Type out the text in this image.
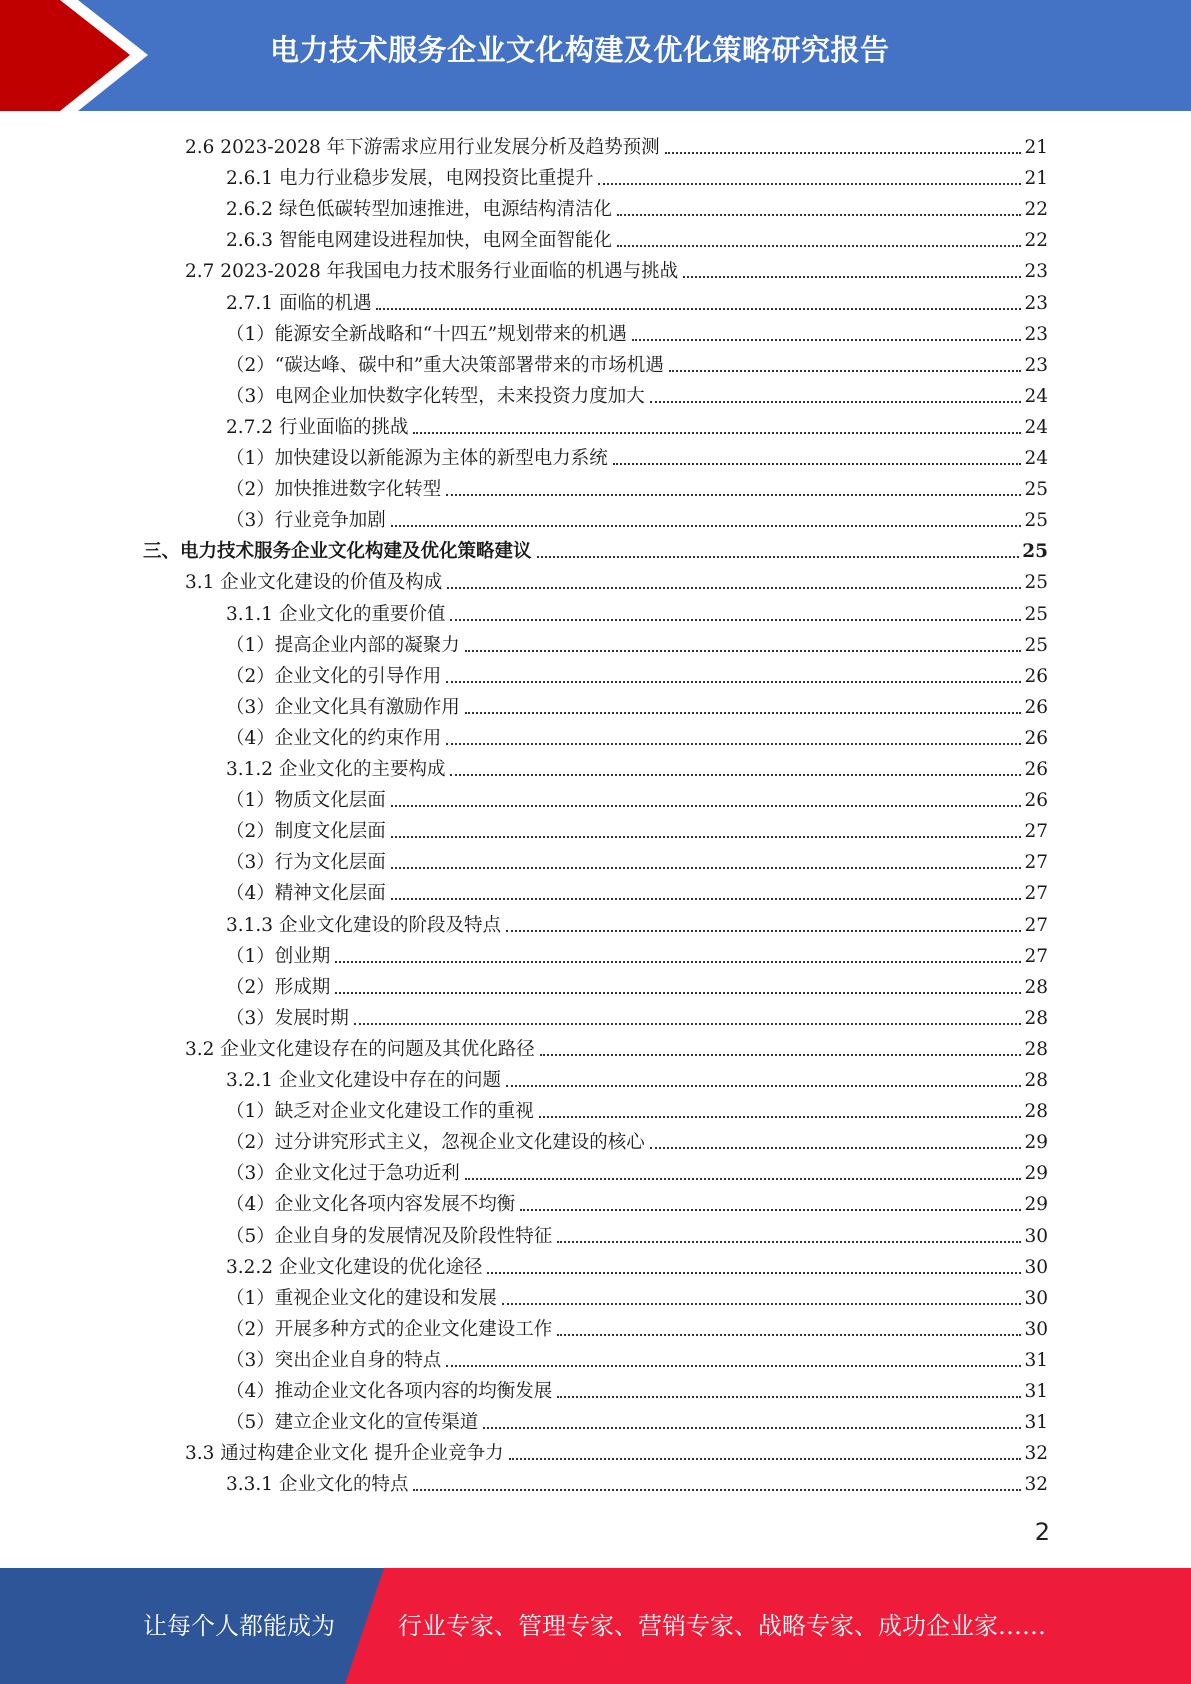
电力技术服务企业文化构建及优化策略研究报告
2.6 2023-2028 年下游需求应用行业发展分析及趋势预测	21
2.6.1 电力行业稳步发展，电网投资比重提升	21
2.6.2 绿色低碳转型加速推进，电源结构清洁化	22
2.6.3 智能电网建设进程加快，电网全面智能化	22
2.7 2023-2028 年我国电力技术服务行业面临的机遇与挑战	23
2.7.1 面临的机遇	23
（1）能源安全新战略和“十四五”规划带来的机遇	23
（2）“碳达峰、碳中和”重大决策部署带来的市场机遇	23
（3）电网企业加快数字化转型，未来投资力度加大	24
2.7.2 行业面临的挑战	24
（1）加快建设以新能源为主体的新型电力系统	24
（2）加快推进数字化转型	25
（3）行业竞争加剧	25
三、电力技术服务企业文化构建及优化策略建议	25
3.1 企业文化建设的价值及构成	25
3.1.1 企业文化的重要价值	25
（1）提高企业内部的凝聚力	25
（2）企业文化的引导作用	26
（3）企业文化具有激励作用	26
（4）企业文化的约束作用	26
3.1.2 企业文化的主要构成	26
（1）物质文化层面	26
（2）制度文化层面	27
（3）行为文化层面	27
（4）精神文化层面	27
3.1.3 企业文化建设的阶段及特点	27
（1）创业期	27
（2）形成期	28
（3）发展时期	28
3.2 企业文化建设存在的问题及其优化路径	28
3.2.1 企业文化建设中存在的问题	28
（1）缺乏对企业文化建设工作的重视	28
（2）过分讲究形式主义，忽视企业文化建设的核心	29
（3）企业文化过于急功近利	29
（4）企业文化各项内容发展不均衡	29
（5）企业自身的发展情况及阶段性特征	30
3.2.2 企业文化建设的优化途径	30
（1）重视企业文化的建设和发展	30
（2）开展多种方式的企业文化建设工作	30
（3）突出企业自身的特点	31
（4）推动企业文化各项内容的均衡发展	31
（5）建立企业文化的宣传渠道	31
3.3 通过构建企业文化 提升企业竞争力	32
3.3.1 企业文化的特点	32
2
让每个人都能成为	行业专家、管理专家、营销专家、战略专家、成功企业家……
